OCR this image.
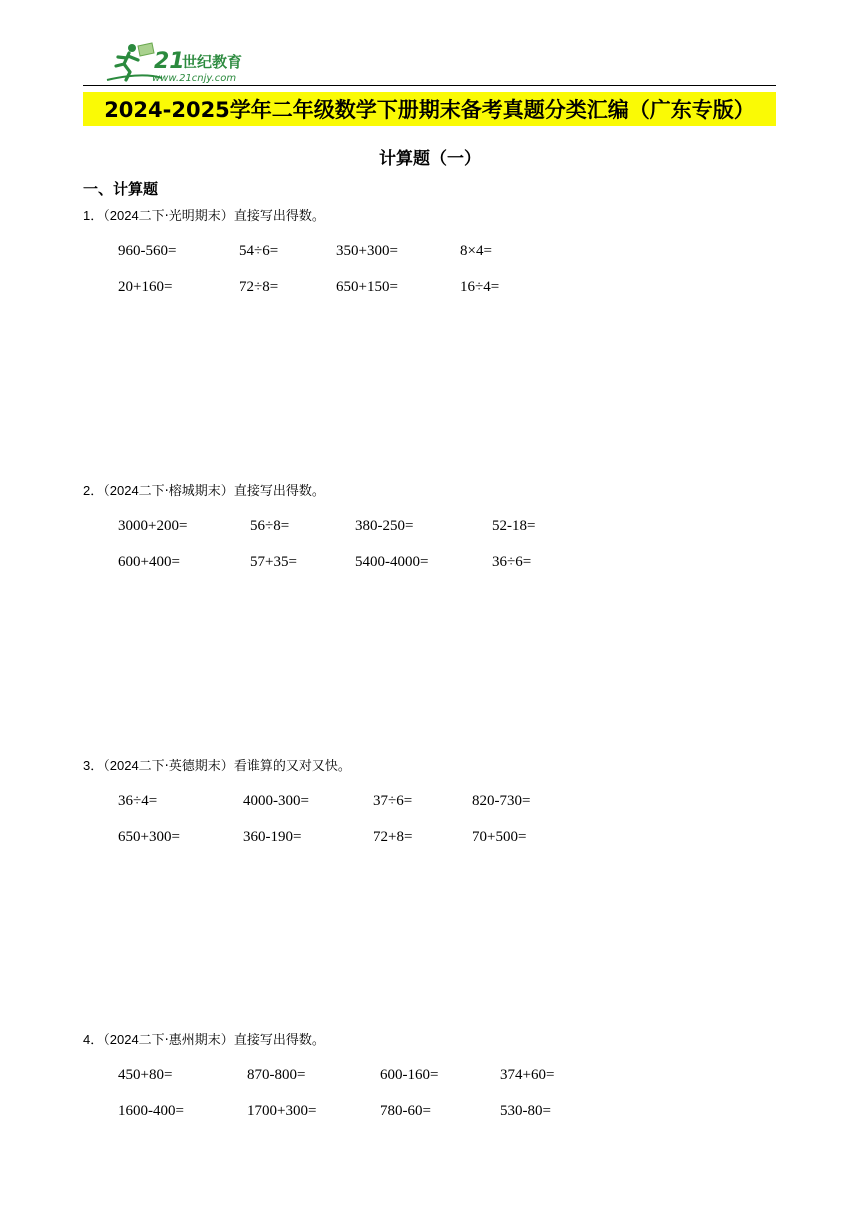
21
世纪教育
www.21cnjy.com
2024-2025学年二年级数学下册期末备考真题分类汇编（广东专版）
计算题（一）
一、计算题
1．（2024二下·光明期末）直接写出得数。
960-560=	54÷6=	350+300=	8×4=
20+160=	72÷8=	650+150=	16÷4=
2．（2024二下·榕城期末）直接写出得数。
3000+200=	56÷8=	380-250=	52-18=
600+400=	57+35=	5400-4000=	36÷6=
3．（2024二下·英德期末）看谁算的又对又快。
36÷4=	4000-300=	37÷6=	820-730=
650+300=	360-190=	72+8=	70+500=
4．（2024二下·惠州期末）直接写出得数。
450+80=	870-800=	600-160=	374+60=
1600-400=	1700+300=	780-60=	530-80=
